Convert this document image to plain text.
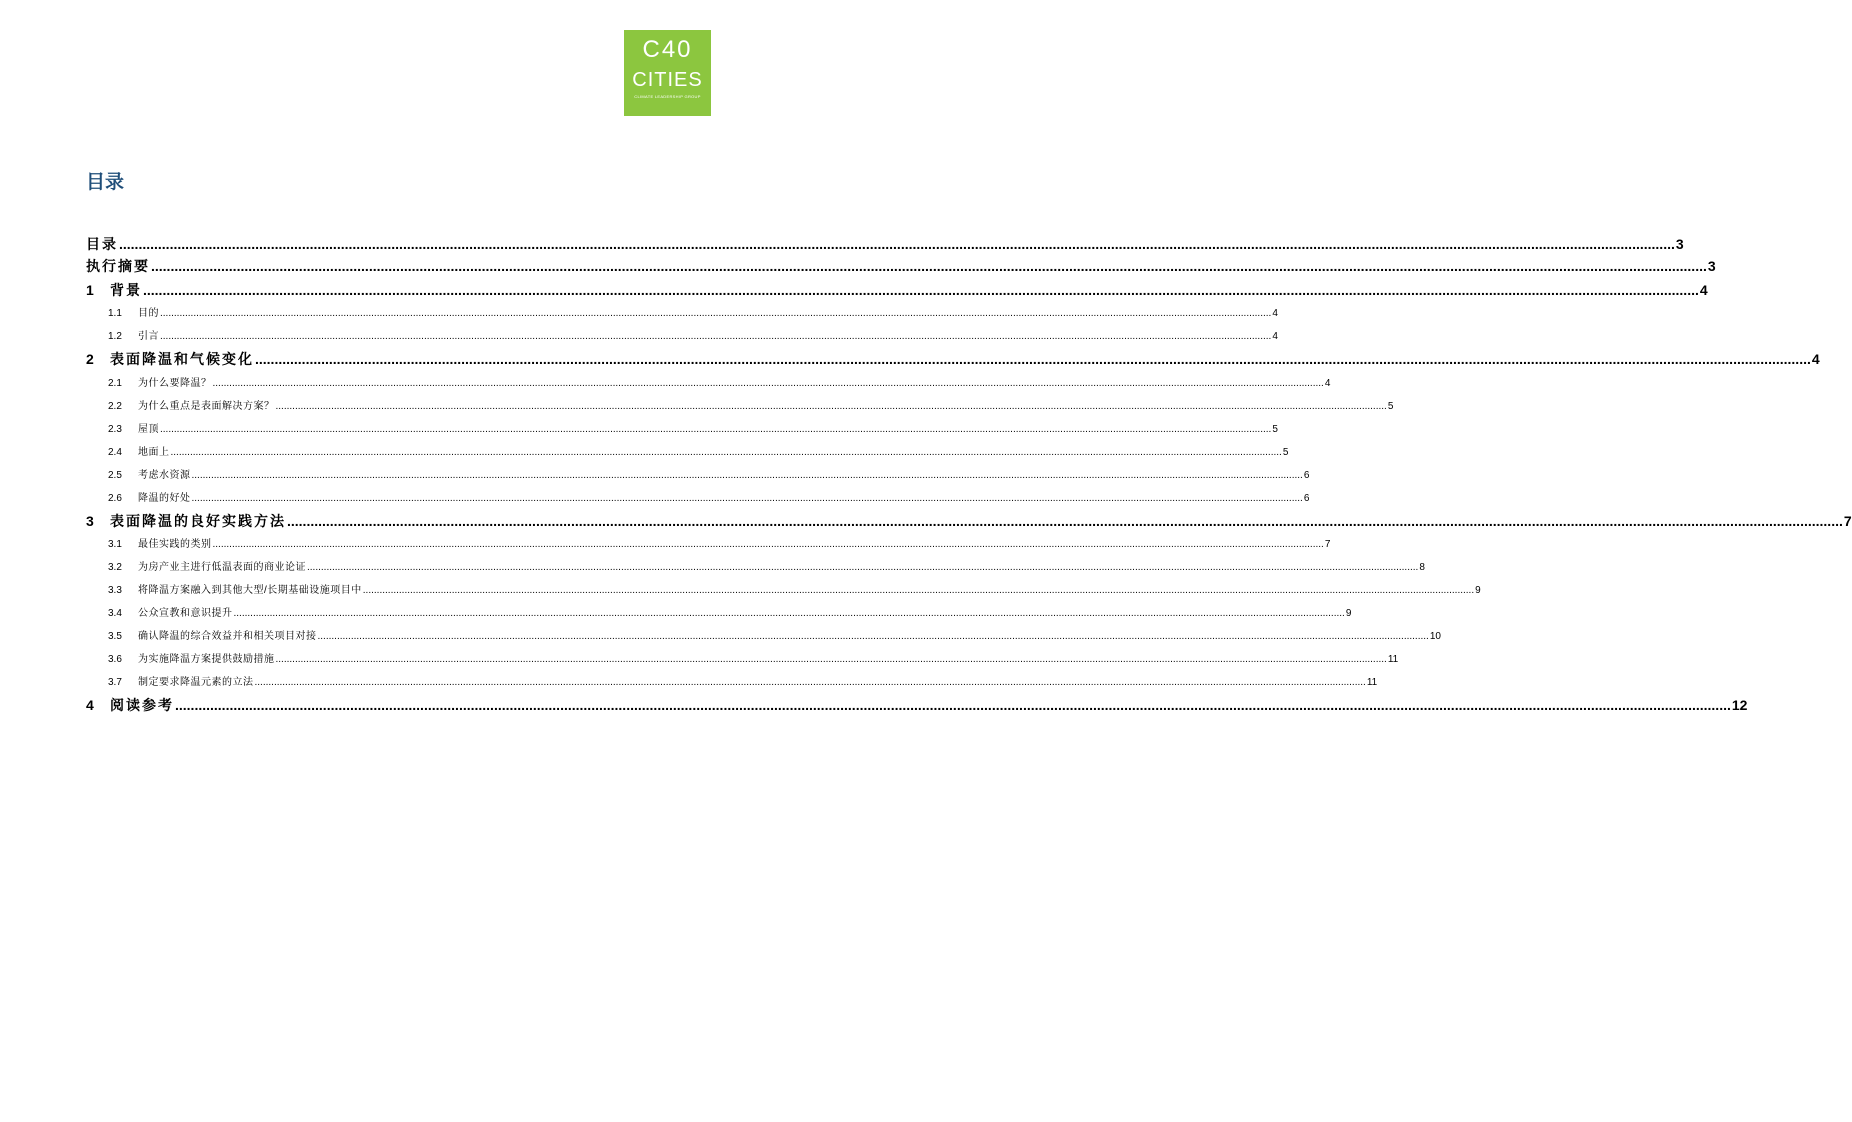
C40
CITIES
CLIMATE LEADERSHIP GROUP
目录
目录 ................................................................................................................................................................................................................................................................................................................................................................................................................ 3
执行摘要 ................................................................................................................................................................................................................................................................................................................................................................................................................ 3
1	背景 ................................................................................................................................................................................................................................................................................................................................................................................................................ 4
1.1	目的 ................................................................................................................................................................................................................................................................................................................................................................................................................ 4
1.2	引言 ................................................................................................................................................................................................................................................................................................................................................................................................................ 4
2	表面降温和气候变化 ................................................................................................................................................................................................................................................................................................................................................................................................................ 4
2.1	为什么要降温？ ................................................................................................................................................................................................................................................................................................................................................................................................................ 4
2.2	为什么重点是表面解决方案？ ................................................................................................................................................................................................................................................................................................................................................................................................................ 5
2.3	屋顶 ................................................................................................................................................................................................................................................................................................................................................................................................................ 5
2.4	地面上 ................................................................................................................................................................................................................................................................................................................................................................................................................ 5
2.5	考虑水资源 ................................................................................................................................................................................................................................................................................................................................................................................................................ 6
2.6	降温的好处 ................................................................................................................................................................................................................................................................................................................................................................................................................ 6
3	表面降温的良好实践方法 ................................................................................................................................................................................................................................................................................................................................................................................................................ 7
3.1	最佳实践的类别 ................................................................................................................................................................................................................................................................................................................................................................................................................ 7
3.2	为房产业主进行低温表面的商业论证 ................................................................................................................................................................................................................................................................................................................................................................................................................ 8
3.3	将降温方案融入到其他大型/长期基础设施项目中 ................................................................................................................................................................................................................................................................................................................................................................................................................ 9
3.4	公众宣教和意识提升 ................................................................................................................................................................................................................................................................................................................................................................................................................ 9
3.5	确认降温的综合效益并和相关项目对接 ................................................................................................................................................................................................................................................................................................................................................................................................................ 10
3.6	为实施降温方案提供鼓励措施 ................................................................................................................................................................................................................................................................................................................................................................................................................ 11
3.7	制定要求降温元素的立法 ................................................................................................................................................................................................................................................................................................................................................................................................................ 11
4	阅读参考 ................................................................................................................................................................................................................................................................................................................................................................................................................ 12
